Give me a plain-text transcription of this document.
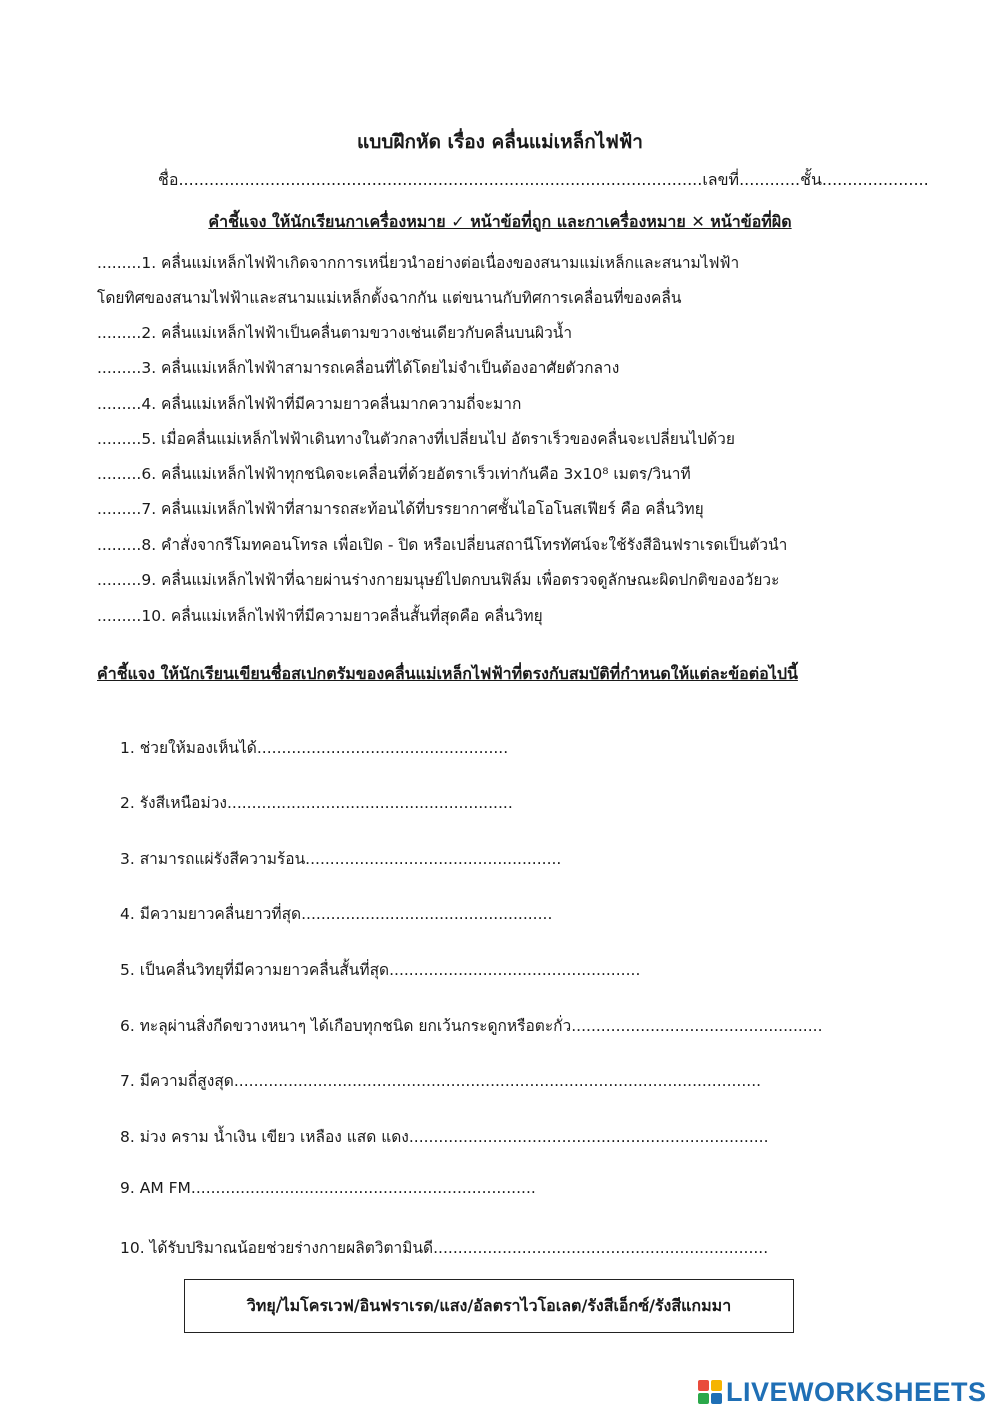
แบบฝึกหัด เรื่อง คลื่นแม่เหล็กไฟฟ้า
ชื่อ.......................................................................................................เลขที่............ชั้น.....................
คำชี้แจง ให้นักเรียนกาเครื่องหมาย ✓ หน้าข้อที่ถูก และกาเครื่องหมาย ✕ หน้าข้อที่ผิด
.........1. คลื่นแม่เหล็กไฟฟ้าเกิดจากการเหนี่ยวนำอย่างต่อเนื่องของสนามแม่เหล็กและสนามไฟฟ้า
โดยทิศของสนามไฟฟ้าและสนามแม่เหล็กตั้งฉากกัน แต่ขนานกับทิศการเคลื่อนที่ของคลื่น
.........2. คลื่นแม่เหล็กไฟฟ้าเป็นคลื่นตามขวางเช่นเดียวกับคลื่นบนผิวน้ำ
.........3. คลื่นแม่เหล็กไฟฟ้าสามารถเคลื่อนที่ได้โดยไม่จำเป็นต้องอาศัยตัวกลาง
.........4. คลื่นแม่เหล็กไฟฟ้าที่มีความยาวคลื่นมากความถี่จะมาก
.........5. เมื่อคลื่นแม่เหล็กไฟฟ้าเดินทางในตัวกลางที่เปลี่ยนไป อัตราเร็วของคลื่นจะเปลี่ยนไปด้วย
.........6. คลื่นแม่เหล็กไฟฟ้าทุกชนิดจะเคลื่อนที่ด้วยอัตราเร็วเท่ากันคือ 3x10⁸ เมตร/วินาที
.........7. คลื่นแม่เหล็กไฟฟ้าที่สามารถสะท้อนได้ที่บรรยากาศชั้นไอโอโนสเฟียร์ คือ คลื่นวิทยุ
.........8. คำสั่งจากรีโมทคอนโทรล เพื่อเปิด - ปิด หรือเปลี่ยนสถานีโทรทัศน์จะใช้รังสีอินฟราเรดเป็นตัวนำ
.........9. คลื่นแม่เหล็กไฟฟ้าที่ฉายผ่านร่างกายมนุษย์ไปตกบนฟิล์ม เพื่อตรวจดูลักษณะผิดปกติของอวัยวะ
.........10. คลื่นแม่เหล็กไฟฟ้าที่มีความยาวคลื่นสั้นที่สุดคือ คลื่นวิทยุ
คำชี้แจง ให้นักเรียนเขียนชื่อสเปกตรัมของคลื่นแม่เหล็กไฟฟ้าที่ตรงกับสมบัติที่กำหนดให้แต่ละข้อต่อไปนี้
1. ช่วยให้มองเห็นได้...................................................
2. รังสีเหนือม่วง..........................................................
3. สามารถแผ่รังสีความร้อน....................................................
4. มีความยาวคลื่นยาวที่สุด...................................................
5. เป็นคลื่นวิทยุที่มีความยาวคลื่นสั้นที่สุด...................................................
6. ทะลุผ่านสิ่งกีดขวางหนาๆ ได้เกือบทุกชนิด ยกเว้นกระดูกหรือตะกั่ว...................................................
7. มีความถี่สูงสุด...........................................................................................................
8. ม่วง คราม น้ำเงิน เขียว เหลือง แสด แดง.........................................................................
9. AM FM......................................................................
10. ได้รับปริมาณน้อยช่วยร่างกายผลิตวิตามินดี....................................................................
วิทยุ/ไมโครเวฟ/อินฟราเรด/แสง/อัลตราไวโอเลต/รังสีเอ็กซ์/รังสีแกมมา
LIVEWORKSHEETS
